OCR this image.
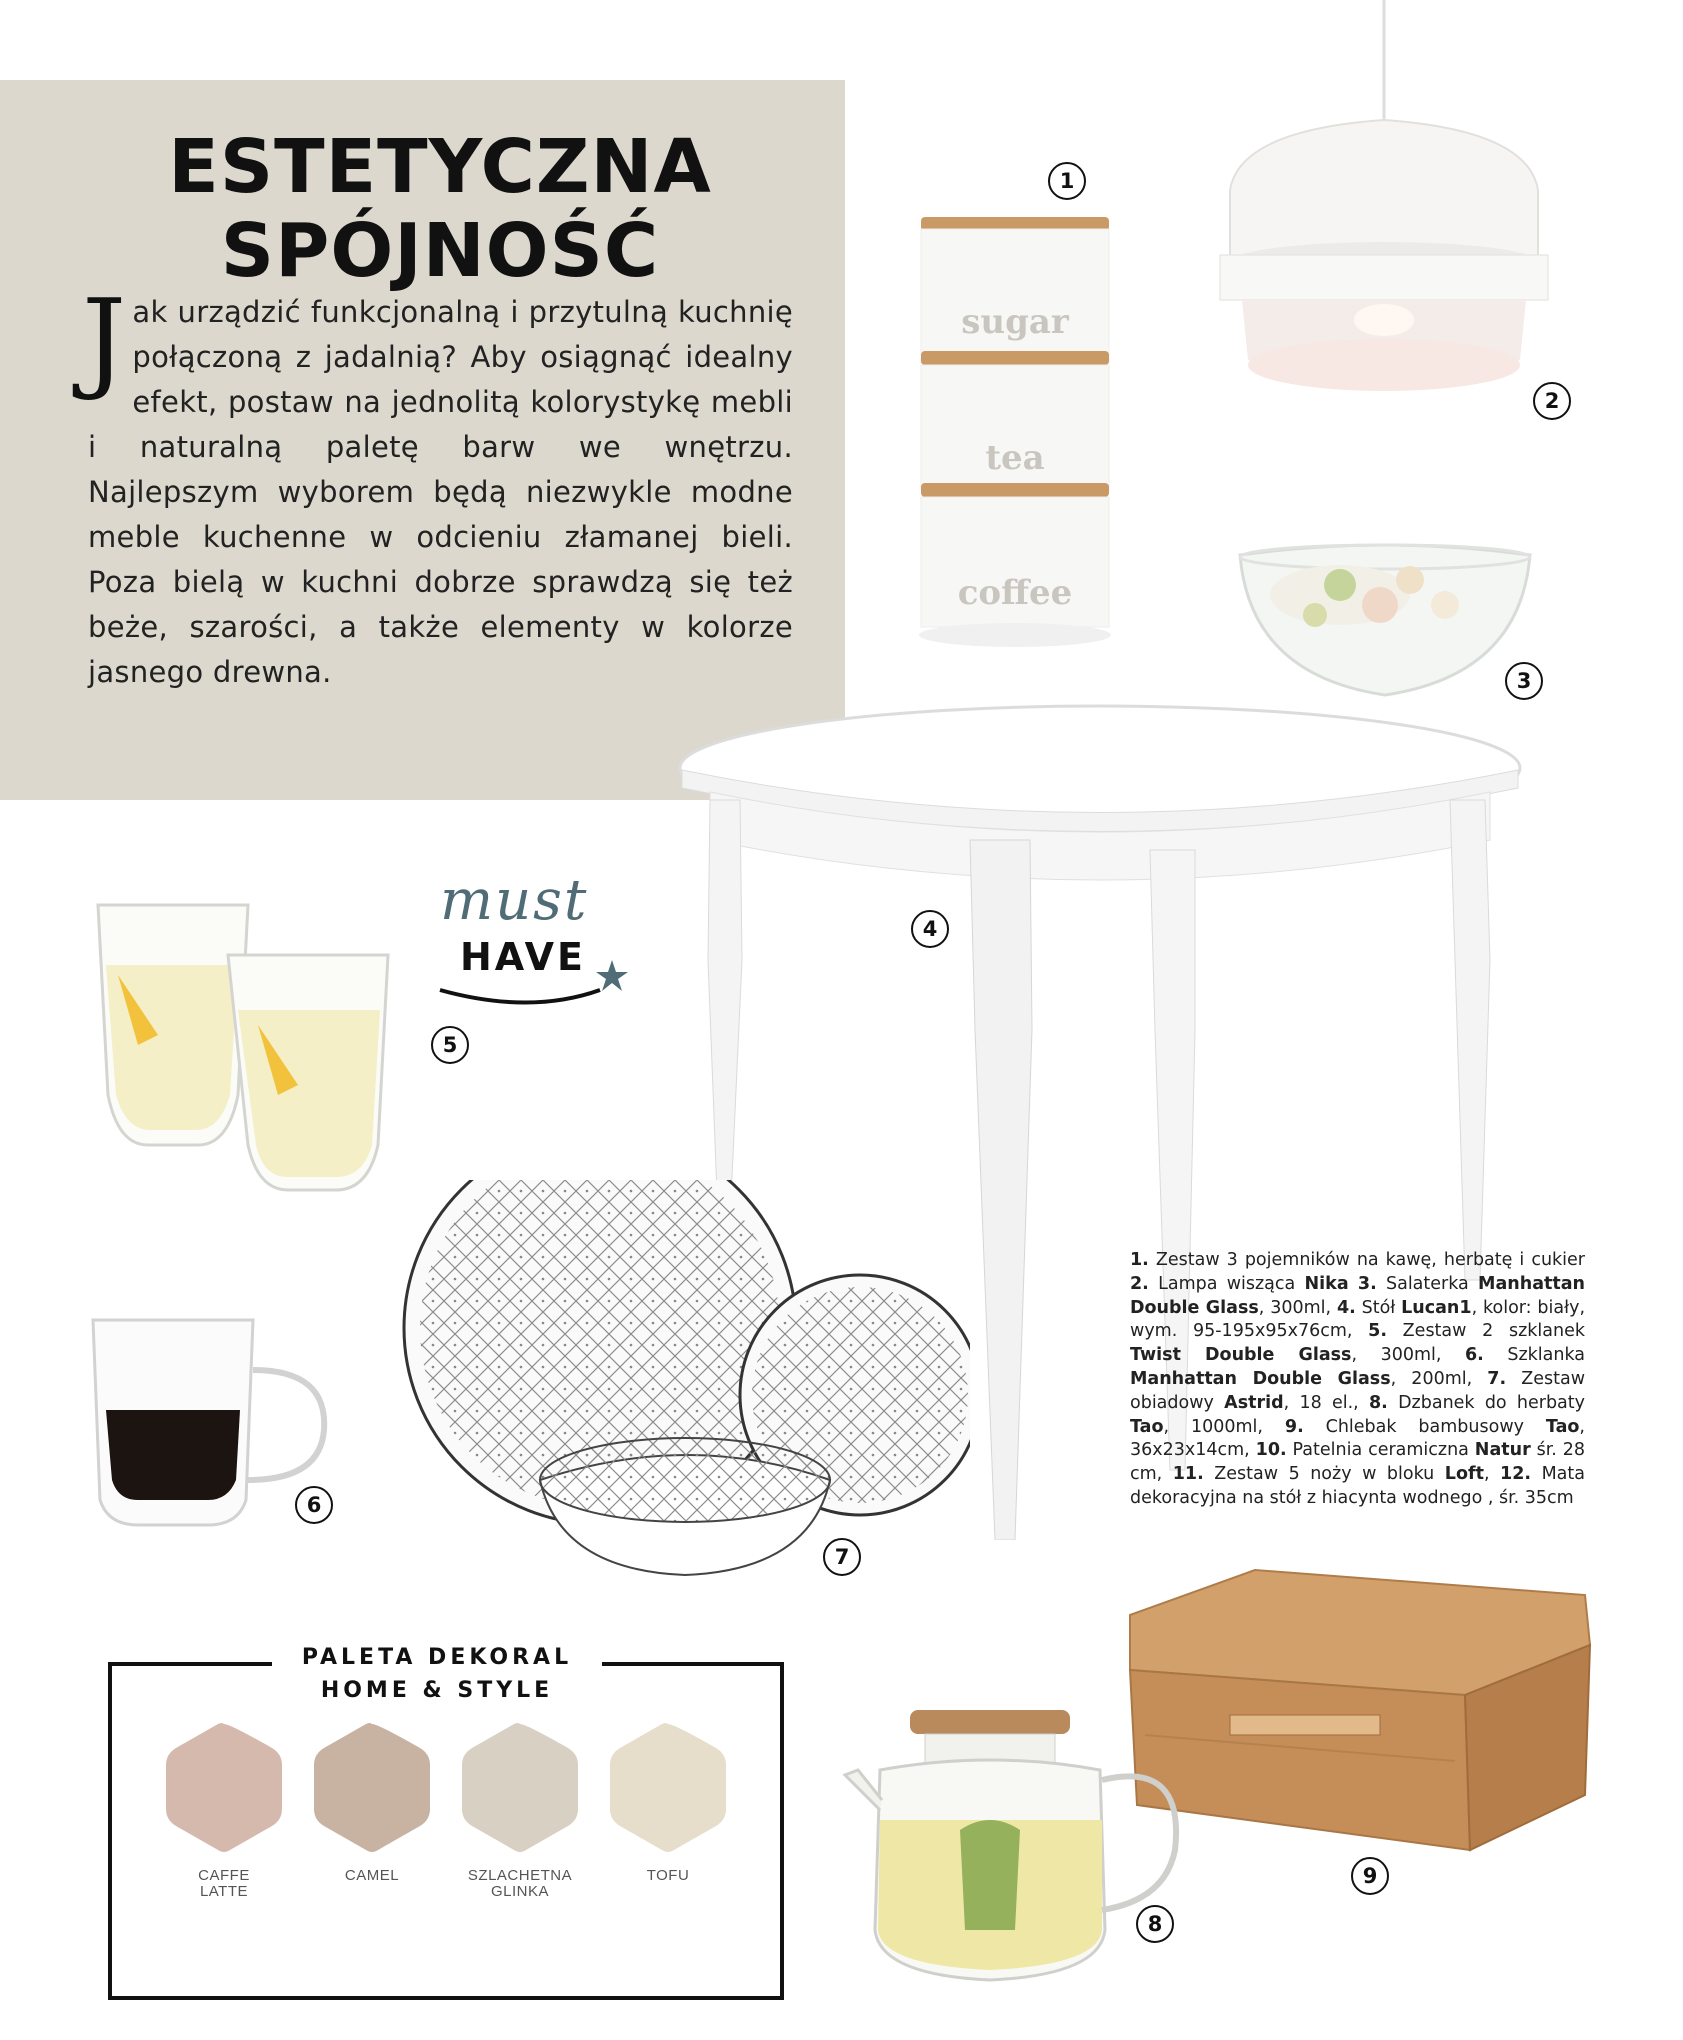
ESTETYCZNA
SPÓJNOŚĆ
Jak urządzić funkcjonalną i przytulną kuchnię połączoną z jadalnią? Aby osiągnąć idealny efekt, postaw na jednolitą kolorystykę mebli i naturalną paletę barw we wnętrzu. Najlepszym wyborem będą niezwykle modne meble kuchenne w odcieniu złamanej bieli. Poza bielą w kuchni dobrze sprawdzą się też beże, szarości, a także elementy w kolorze jasnego drewna.
sugar
tea
coffee
must
HAVE
1. Zestaw 3 pojemników na kawę, herbatę i cukier 2. Lampa wisząca Nika 3. Salaterka Manhattan Double Glass, 300ml, 4. Stół Lucan1, kolor: biały, wym. 95-195x95x76cm, 5. Zestaw 2 szklanek Twist Double Glass, 300ml, 6. Szklanka Manhattan Double Glass, 200ml, 7. Zestaw obiadowy Astrid, 18 el., 8. Dzbanek do herbaty Tao, 1000ml, 9. Chlebak bambusowy Tao, 36x23x14cm, 10. Patelnia ceramiczna Natur śr. 28 cm, 11. Zestaw 5 noży w bloku Loft, 12. Mata dekoracyjna na stół z hiacynta wodnego , śr. 35cm
PALETA DEKORAL
HOME & STYLE
CAFFE
LATTE
CAMEL	SZLACHETNA
GLINKA
TOFU
1
2
3
4
5
6
7
8
9
